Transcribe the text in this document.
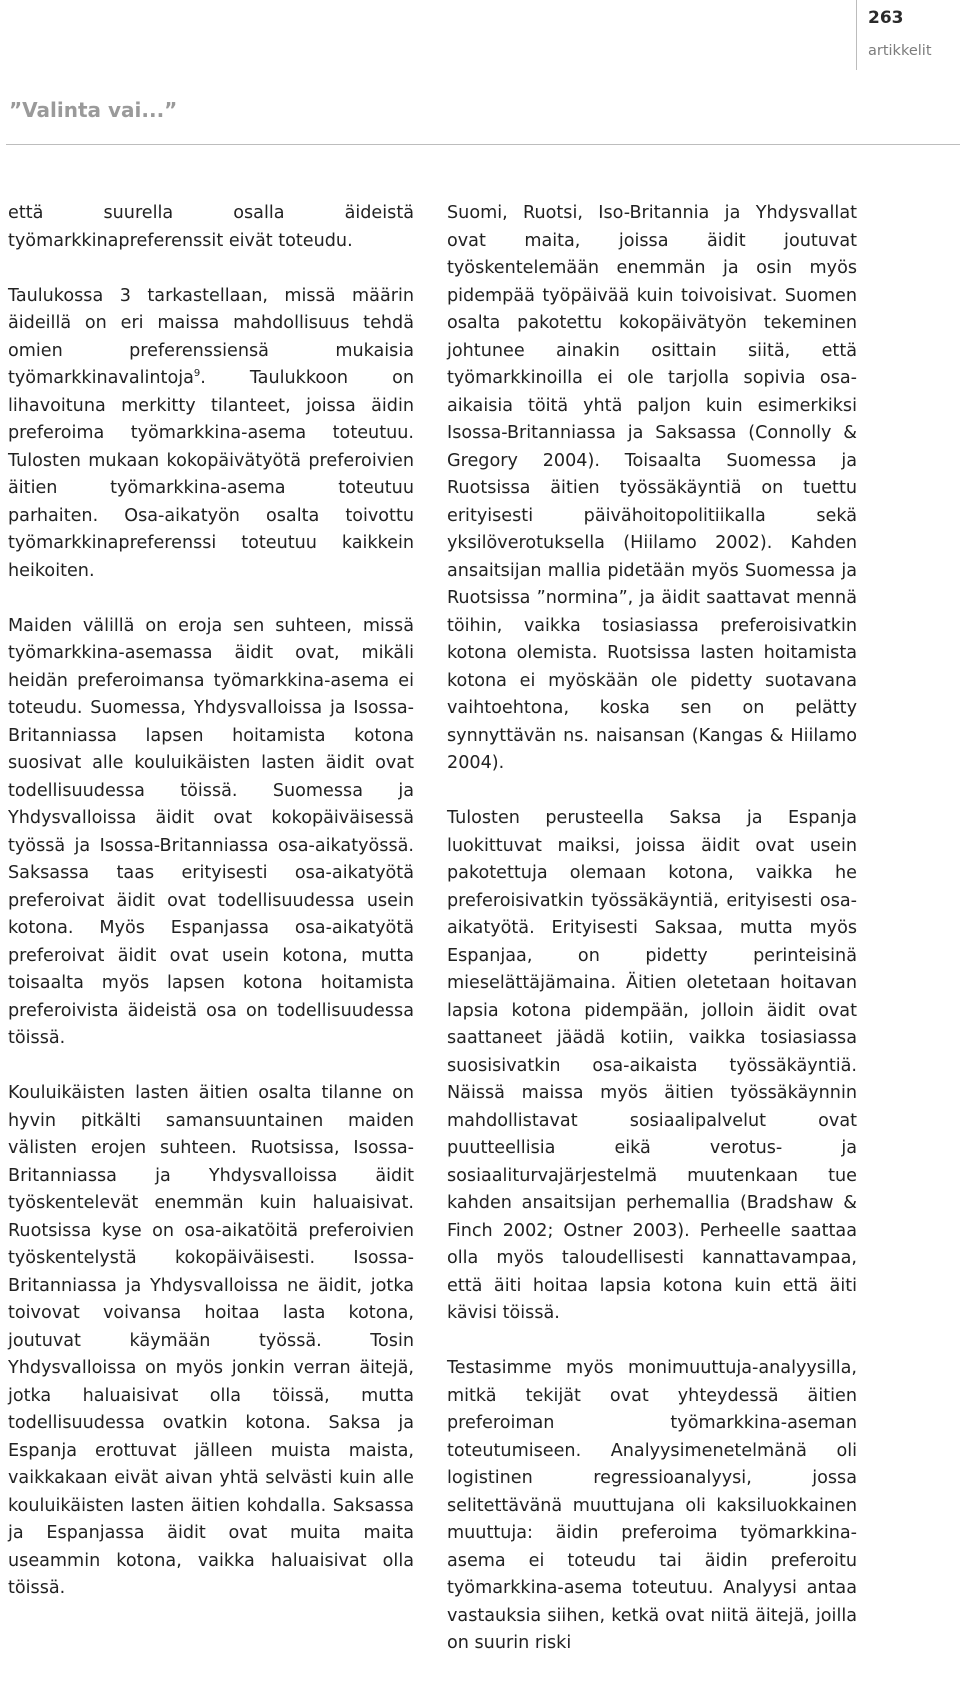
263
artikkelit
”Valinta vai...”

että suurella osalla äideistä työmarkkinapreferenssit eivät toteudu.

Taulukossa 3 tarkastellaan, missä määrin äideillä on eri maissa mahdollisuus tehdä omien preferenssiensä mukaisia työmarkkinavalintoja$^9$. Taulukkoon on lihavoituna merkitty tilanteet, joissa äidin preferoima työmarkkina-asema toteutuu. Tulosten mukaan kokopäivätyötä preferoivien äitien työmarkkina-asema toteutuu parhaiten. Osa-aikatyön osalta toivottu työmarkkinapreferenssi toteutuu kaikkein heikoiten.

Maiden välillä on eroja sen suhteen, missä työmarkkina-asemassa äidit ovat, mikäli heidän preferoimansa työmarkkina-asema ei toteudu. Suomessa, Yhdysvalloissa ja Isossa-Britanniassa lapsen hoitamista kotona suosivat alle kouluikäisten lasten äidit ovat todellisuudessa töissä. Suomessa ja Yhdysvalloissa äidit ovat kokopäiväisessä työssä ja Isossa-Britanniassa osa-aikatyössä. Saksassa taas erityisesti osa-aikatyötä preferoivat äidit ovat todellisuudessa usein kotona. Myös Espanjassa osa-aikatyötä preferoivat äidit ovat usein kotona, mutta toisaalta myös lapsen kotona hoitamista preferoivista äideistä osa on todellisuudessa töissä.

Kouluikäisten lasten äitien osalta tilanne on hyvin pitkälti samansuuntainen maiden välisten erojen suhteen. Ruotsissa, Isossa-Britanniassa ja Yhdysvalloissa äidit työskentelevät enemmän kuin haluaisivat. Ruotsissa kyse on osa-aikatöitä preferoivien työskentelystä kokopäiväisesti. Isossa-Britanniassa ja Yhdysvalloissa ne äidit, jotka toivovat voivansa hoitaa lasta kotona, joutuvat käymään työssä. Tosin Yhdysvalloissa on myös jonkin verran äitejä, jotka haluaisivat olla töissä, mutta todellisuudessa ovatkin kotona. Saksa ja Espanja erottuvat jälleen muista maista, vaikkakaan eivät aivan yhtä selvästi kuin alle kouluikäisten lasten äitien kohdalla. Saksassa ja Espanjassa äidit ovat muita maita useammin kotona, vaikka haluaisivat olla töissä.

Suomi, Ruotsi, Iso-Britannia ja Yhdysvallat ovat maita, joissa äidit joutuvat työskentelemään enemmän ja osin myös pidempää työpäivää kuin toivoisivat. Suomen osalta pakotettu kokopäivätyön tekeminen johtunee ainakin osittain siitä, että työmarkkinoilla ei ole tarjolla sopivia osa-aikaisia töitä yhtä paljon kuin esimerkiksi Isossa-Britanniassa ja Saksassa (Connolly & Gregory 2004). Toisaalta Suomessa ja Ruotsissa äitien työssäkäyntiä on tuettu erityisesti päivähoitopolitiikalla sekä yksilöverotuksella (Hiilamo 2002). Kahden ansaitsijan mallia pidetään myös Suomessa ja Ruotsissa ”normina”, ja äidit saattavat mennä töihin, vaikka tosiasiassa preferoisivatkin kotona olemista. Ruotsissa lasten hoitamista kotona ei myöskään ole pidetty suotavana vaihtoehtona, koska sen on pelätty synnyttävän ns. naisansan (Kangas & Hiilamo 2004).

Tulosten perusteella Saksa ja Espanja luokittuvat maiksi, joissa äidit ovat usein pakotettuja olemaan kotona, vaikka he preferoisivatkin työssäkäyntiä, erityisesti osa-aikatyötä. Erityisesti Saksaa, mutta myös Espanjaa, on pidetty perinteisinä mieselättäjämaina. Äitien oletetaan hoitavan lapsia kotona pidempään, jolloin äidit ovat saattaneet jäädä kotiin, vaikka tosiasiassa suosisivatkin osa-aikaista työssäkäyntiä. Näissä maissa myös äitien työssäkäynnin mahdollistavat sosiaalipalvelut ovat puutteellisia eikä verotus- ja sosiaaliturvajärjestelmä muutenkaan tue kahden ansaitsijan perhemallia (Bradshaw & Finch 2002; Ostner 2003). Perheelle saattaa olla myös taloudellisesti kannattavampaa, että äiti hoitaa lapsia kotona kuin että äiti kävisi töissä.

Testasimme myös monimuuttuja-analyysilla, mitkä tekijät ovat yhteydessä äitien preferoiman työmarkkina-aseman toteutumiseen. Analyysimenetelmänä oli logistinen regressioanalyysi, jossa selitettävänä muuttujana oli kaksiluokkainen muuttuja: äidin preferoima työmarkkina-asema ei toteudu tai äidin preferoitu työmarkkina-asema toteutuu. Analyysi antaa vastauksia siihen, ketkä ovat niitä äitejä, joilla on suurin riski
